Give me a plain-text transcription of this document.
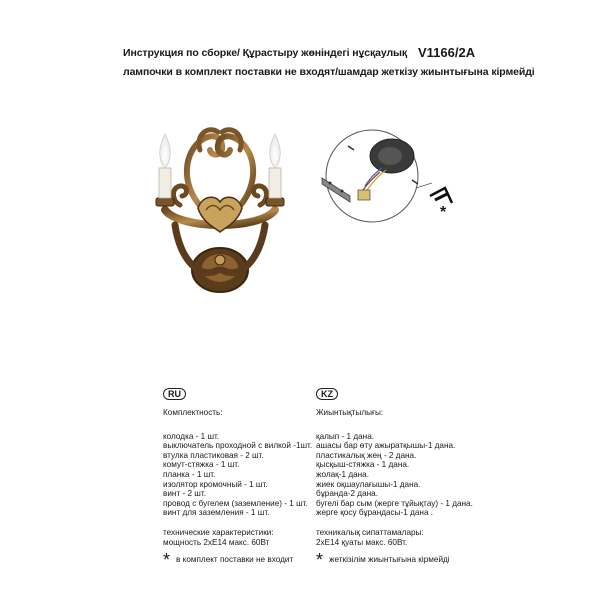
Инструкция по сборке/ Құрастыру жөніндегі нұсқаулық V1166/2A
лампочки в комплект поставки не входят/шамдар жеткізу жиынтығына кірмейді
*
RU
Комплектность:
колодка - 1 шт.
выключатель проходной с вилкой -1шт.
втулка пластиковая - 2 шт.
комут-стяжка - 1 шт.
планка - 1 шт.
изолятор кромочный - 1 шт.
винт - 2 шт.
провод с бугелем (заземление) - 1 шт.
винт для заземления - 1 шт.
технические характеристики:
мощность 2хЕ14 макс. 60Вт
* в комплект поставки не входит
KZ
Жиынтықтылығы:
қалып - 1 дана.
ашасы бар өту ажыратқышы-1 дана.
пластикалық жең - 2 дана.
қысқыш-стяжка - 1 дана.
жолақ-1 дана.
жиек оқшаулағышы-1 дана.
бұранда-2 дана.
бугелі бар сым (жерге тұйықтау) - 1 дана.
жерге қосу бұрандасы-1 дана .
техникалық сипаттамалары:
2хЕ14 қуаты макс. 60Вт.
* жеткізілім жиынтығына кірмейді
